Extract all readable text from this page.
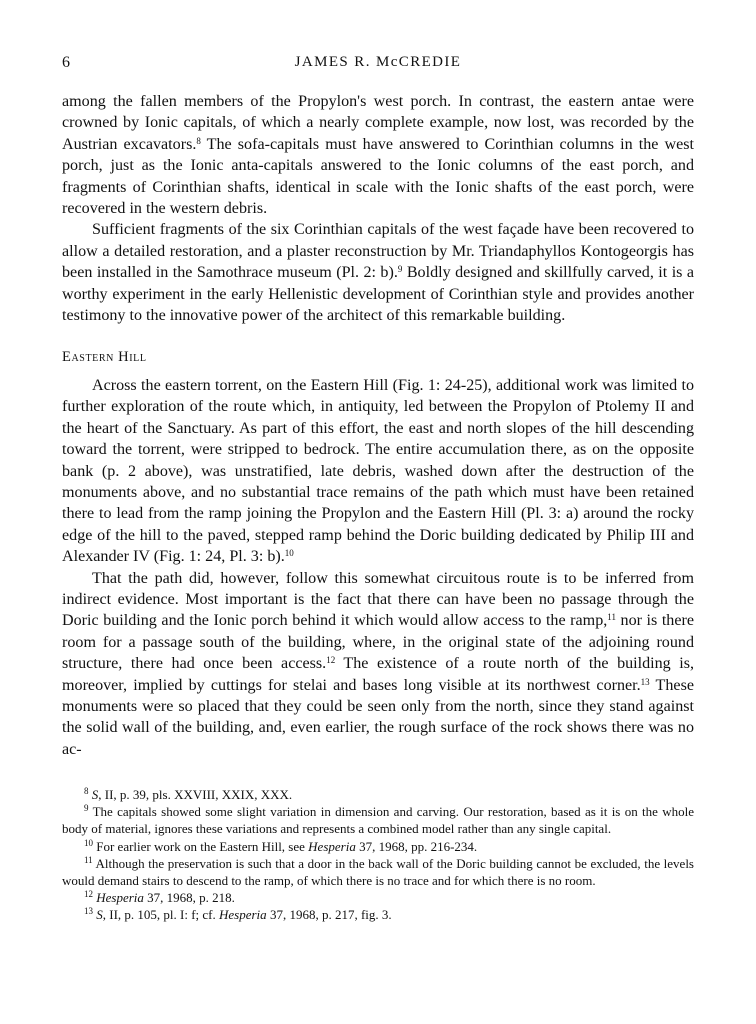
6	JAMES R. McCREDIE

among the fallen members of the Propylon's west porch. In contrast, the eastern antae were crowned by Ionic capitals, of which a nearly complete example, now lost, was recorded by the Austrian excavators.$^8$ The sofa-capitals must have answered to Corinthian columns in the west porch, just as the Ionic anta-capitals answered to the Ionic columns of the east porch, and fragments of Corinthian shafts, identical in scale with the Ionic shafts of the east porch, were recovered in the western debris.

Sufficient fragments of the six Corinthian capitals of the west façade have been recovered to allow a detailed restoration, and a plaster reconstruction by Mr. Triandaphyllos Kontogeorgis has been installed in the Samothrace museum (Pl. 2: b).$^9$ Boldly designed and skillfully carved, it is a worthy experiment in the early Hellenistic development of Corinthian style and provides another testimony to the innovative power of the architect of this remarkable building.

Eastern Hill

Across the eastern torrent, on the Eastern Hill (Fig. 1: 24-25), additional work was limited to further exploration of the route which, in antiquity, led between the Propylon of Ptolemy II and the heart of the Sanctuary. As part of this effort, the east and north slopes of the hill descending toward the torrent, were stripped to bedrock. The entire accumulation there, as on the opposite bank (p. 2 above), was unstratified, late debris, washed down after the destruction of the monuments above, and no substantial trace remains of the path which must have been retained there to lead from the ramp joining the Propylon and the Eastern Hill (Pl. 3: a) around the rocky edge of the hill to the paved, stepped ramp behind the Doric building dedicated by Philip III and Alexander IV (Fig. 1: 24, Pl. 3: b).$^{10}$

That the path did, however, follow this somewhat circuitous route is to be inferred from indirect evidence. Most important is the fact that there can have been no passage through the Doric building and the Ionic porch behind it which would allow access to the ramp,$^{11}$ nor is there room for a passage south of the building, where, in the original state of the adjoining round structure, there had once been access.$^{12}$ The existence of a route north of the building is, moreover, implied by cuttings for stelai and bases long visible at its northwest corner.$^{13}$ These monuments were so placed that they could be seen only from the north, since they stand against the solid wall of the building, and, even earlier, the rough surface of the rock shows there was no ac-

$^8$ S, II, p. 39, pls. XXVIII, XXIX, XXX.

$^9$ The capitals showed some slight variation in dimension and carving. Our restoration, based as it is on the whole body of material, ignores these variations and represents a combined model rather than any single capital.

$^{10}$ For earlier work on the Eastern Hill, see Hesperia 37, 1968, pp. 216-234.

$^{11}$ Although the preservation is such that a door in the back wall of the Doric building cannot be excluded, the levels would demand stairs to descend to the ramp, of which there is no trace and for which there is no room.

$^{12}$ Hesperia 37, 1968, p. 218.

$^{13}$ S, II, p. 105, pl. I: f; cf. Hesperia 37, 1968, p. 217, fig. 3.
